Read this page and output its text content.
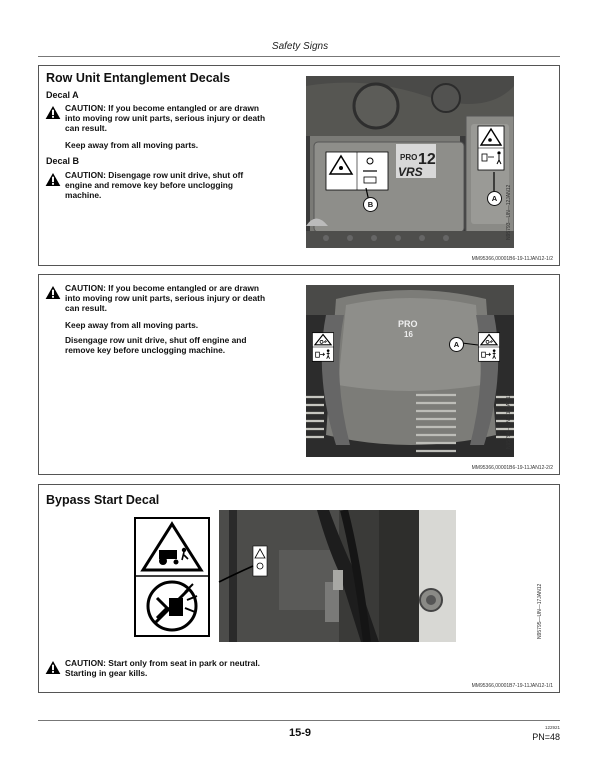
Safety Signs
Row Unit Entanglement Decals
Decal A
CAUTION: If you become entangled or are drawn
into moving row unit parts, serious injury or death
can result.
Keep away from all moving parts.
Decal B
CAUTION: Disengage row unit drive, shut off
engine and remove key before unclogging
machine.
PRO 12
VRS
B
A	N95793—UN—12JAN12
MM95366,00001B6-19-11JAN12-1/2
CAUTION: If you become entangled or are drawn
into moving row unit parts, serious injury or death
can result.
Keep away from all moving parts.
Disengage row unit drive, shut off engine and
remove key before unclogging machine.
PRO
16
A
N95794—UN—12JAN12
MM95366,00001B6-19-11JAN12-2/2
Bypass Start Decal
N95795—UN—17JAN12
CAUTION: Start only from seat in park or neutral.
Starting in gear kills.
MM95366,00001B7-19-11JAN12-1/1
15-9	122921
PN=48
